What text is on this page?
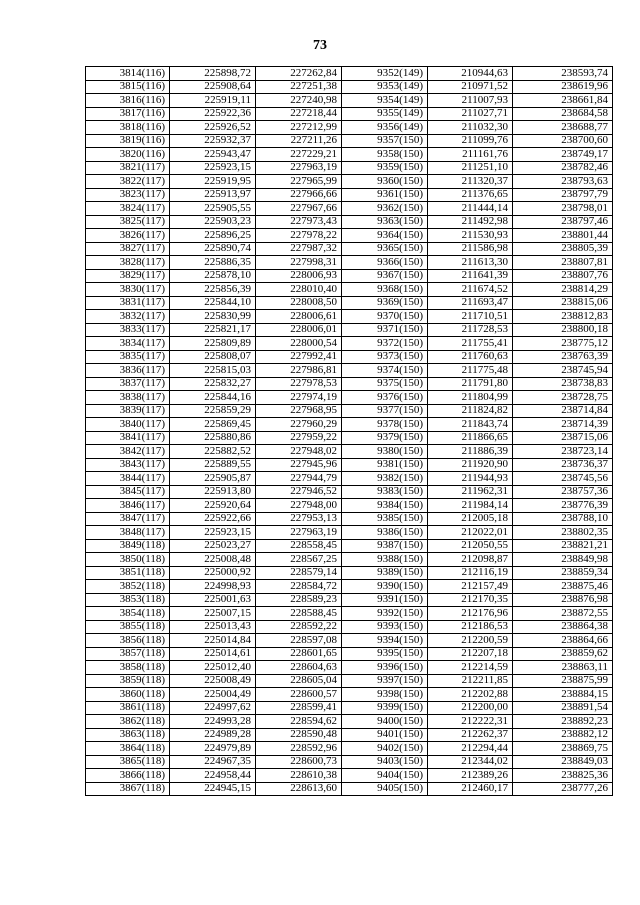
73
3814(116)	225898,72	227262,84	9352(149)	210944,63	238593,74
3815(116)	225908,64	227251,38	9353(149)	210971,52	238619,96
3816(116)	225919,11	227240,98	9354(149)	211007,93	238661,84
3817(116)	225922,36	227218,44	9355(149)	211027,71	238684,58
3818(116)	225926,52	227212,99	9356(149)	211032,30	238688,77
3819(116)	225932,37	227211,26	9357(150)	211099,76	238700,60
3820(116)	225943,47	227229,21	9358(150)	211161,76	238749,17
3821(117)	225923,15	227963,19	9359(150)	211251,10	238782,46
3822(117)	225919,95	227965,99	9360(150)	211320,37	238793,63
3823(117)	225913,97	227966,66	9361(150)	211376,65	238797,79
3824(117)	225905,55	227967,66	9362(150)	211444,14	238798,01
3825(117)	225903,23	227973,43	9363(150)	211492,98	238797,46
3826(117)	225896,25	227978,22	9364(150)	211530,93	238801,44
3827(117)	225890,74	227987,32	9365(150)	211586,98	238805,39
3828(117)	225886,35	227998,31	9366(150)	211613,30	238807,81
3829(117)	225878,10	228006,93	9367(150)	211641,39	238807,76
3830(117)	225856,39	228010,40	9368(150)	211674,52	238814,29
3831(117)	225844,10	228008,50	9369(150)	211693,47	238815,06
3832(117)	225830,99	228006,61	9370(150)	211710,51	238812,83
3833(117)	225821,17	228006,01	9371(150)	211728,53	238800,18
3834(117)	225809,89	228000,54	9372(150)	211755,41	238775,12
3835(117)	225808,07	227992,41	9373(150)	211760,63	238763,39
3836(117)	225815,03	227986,81	9374(150)	211775,48	238745,94
3837(117)	225832,27	227978,53	9375(150)	211791,80	238738,83
3838(117)	225844,16	227974,19	9376(150)	211804,99	238728,75
3839(117)	225859,29	227968,95	9377(150)	211824,82	238714,84
3840(117)	225869,45	227960,29	9378(150)	211843,74	238714,39
3841(117)	225880,86	227959,22	9379(150)	211866,65	238715,06
3842(117)	225882,52	227948,02	9380(150)	211886,39	238723,14
3843(117)	225889,55	227945,96	9381(150)	211920,90	238736,37
3844(117)	225905,87	227944,79	9382(150)	211944,93	238745,56
3845(117)	225913,80	227946,52	9383(150)	211962,31	238757,36
3846(117)	225920,64	227948,00	9384(150)	211984,14	238776,39
3847(117)	225922,66	227953,13	9385(150)	212005,18	238788,10
3848(117)	225923,15	227963,19	9386(150)	212022,01	238802,35
3849(118)	225023,27	228558,45	9387(150)	212050,55	238821,21
3850(118)	225008,48	228567,25	9388(150)	212098,87	238849,98
3851(118)	225000,92	228579,14	9389(150)	212116,19	238859,34
3852(118)	224998,93	228584,72	9390(150)	212157,49	238875,46
3853(118)	225001,63	228589,23	9391(150)	212170,35	238876,98
3854(118)	225007,15	228588,45	9392(150)	212176,96	238872,55
3855(118)	225013,43	228592,22	9393(150)	212186,53	238864,38
3856(118)	225014,84	228597,08	9394(150)	212200,59	238864,66
3857(118)	225014,61	228601,65	9395(150)	212207,18	238859,62
3858(118)	225012,40	228604,63	9396(150)	212214,59	238863,11
3859(118)	225008,49	228605,04	9397(150)	212211,85	238875,99
3860(118)	225004,49	228600,57	9398(150)	212202,88	238884,15
3861(118)	224997,62	228599,41	9399(150)	212200,00	238891,54
3862(118)	224993,28	228594,62	9400(150)	212222,31	238892,23
3863(118)	224989,28	228590,48	9401(150)	212262,37	238882,12
3864(118)	224979,89	228592,96	9402(150)	212294,44	238869,75
3865(118)	224967,35	228600,73	9403(150)	212344,02	238849,03
3866(118)	224958,44	228610,38	9404(150)	212389,26	238825,36
3867(118)	224945,15	228613,60	9405(150)	212460,17	238777,26
